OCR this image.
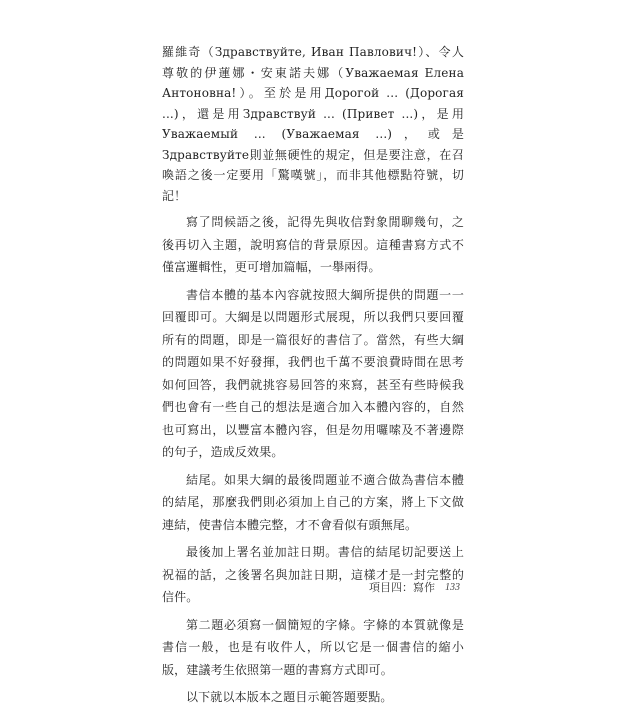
羅維奇（Здравствуйте, Иван Павлович!）、令人尊敬的伊蓮娜・安東諾夫娜（Уважаемая Елена Антоновна!）。至於是用Дорогой ... (Дорогая ...)，還是用Здравствуй ... (Привет ...)，是用Уважаемый ... (Уважаемая ...)，或是 Здравствуйте則並無硬性的規定，但是要注意，在召喚語之後一定要用「驚嘆號」，而非其他標點符號，切記！

寫了問候語之後，記得先與收信對象閒聊幾句，之後再切入主題，說明寫信的背景原因。這種書寫方式不僅富邏輯性，更可增加篇幅，一舉兩得。

書信本體的基本內容就按照大綱所提供的問題一一回覆即可。大綱是以問題形式展現，所以我們只要回覆所有的問題，即是一篇很好的書信了。當然，有些大綱的問題如果不好發揮，我們也千萬不要浪費時間在思考如何回答，我們就挑容易回答的來寫，甚至有些時候我們也會有一些自己的想法是適合加入本體內容的，自然也可寫出，以豐富本體內容，但是勿用囉嗦及不著邊際的句子，造成反效果。

結尾。如果大綱的最後問題並不適合做為書信本體的結尾，那麼我們則必須加上自己的方案，將上下文做連結，使書信本體完整，才不會看似有頭無尾。

最後加上署名並加註日期。書信的結尾切記要送上祝福的話，之後署名與加註日期，這樣才是一封完整的信件。

第二題必須寫一個簡短的字條。字條的本質就像是書信一般，也是有收件人，所以它是一個書信的縮小版，建議考生依照第一題的書寫方式即可。

以下就以本版本之題目示範答題要點。

項目四：寫作 133
